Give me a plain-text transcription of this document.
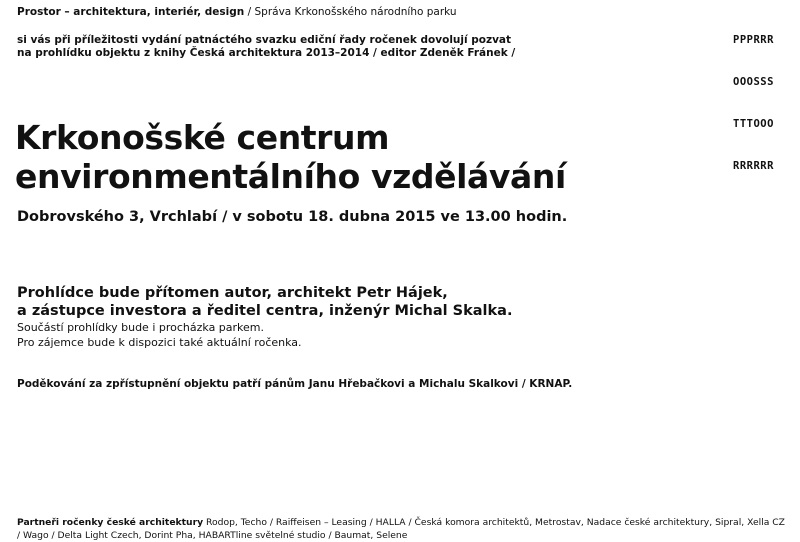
Prostor – architektura, interiér, design / Správa Krkonošského národního parku
si vás při příležitosti vydání patnáctého svazku ediční řady ročenek dovolují pozvat
na prohlídku objektu z knihy Česká architektura 2013–2014 / editor Zdeněk Fránek /

PPPRRR

OOOSSS

TTTOOO

RRRRRR

Krkonošské centrum
environmentálního vzdělávání
Dobrovského 3, Vrchlabí / v sobotu 18. dubna 2015 ve 13.00 hodin.
Prohlídce bude přítomen autor, architekt Petr Hájek,
a zástupce investora a ředitel centra, inženýr Michal Skalka.
Součástí prohlídky bude i procházka parkem.
Pro zájemce bude k dispozici také aktuální ročenka.
Poděkování za zpřístupnění objektu patří pánům Janu Hřebačkovi a Michalu Skalkovi / KRNAP.
Partneři ročenky české architektury Rodop, Techo / Raiffeisen – Leasing / HALLA / Česká komora architektů, Metrostav, Nadace české architektury, Sipral, Xella CZ / Wago / Delta Light Czech, Dorint Pha, HABARTline světelné studio / Baumat, Selene
